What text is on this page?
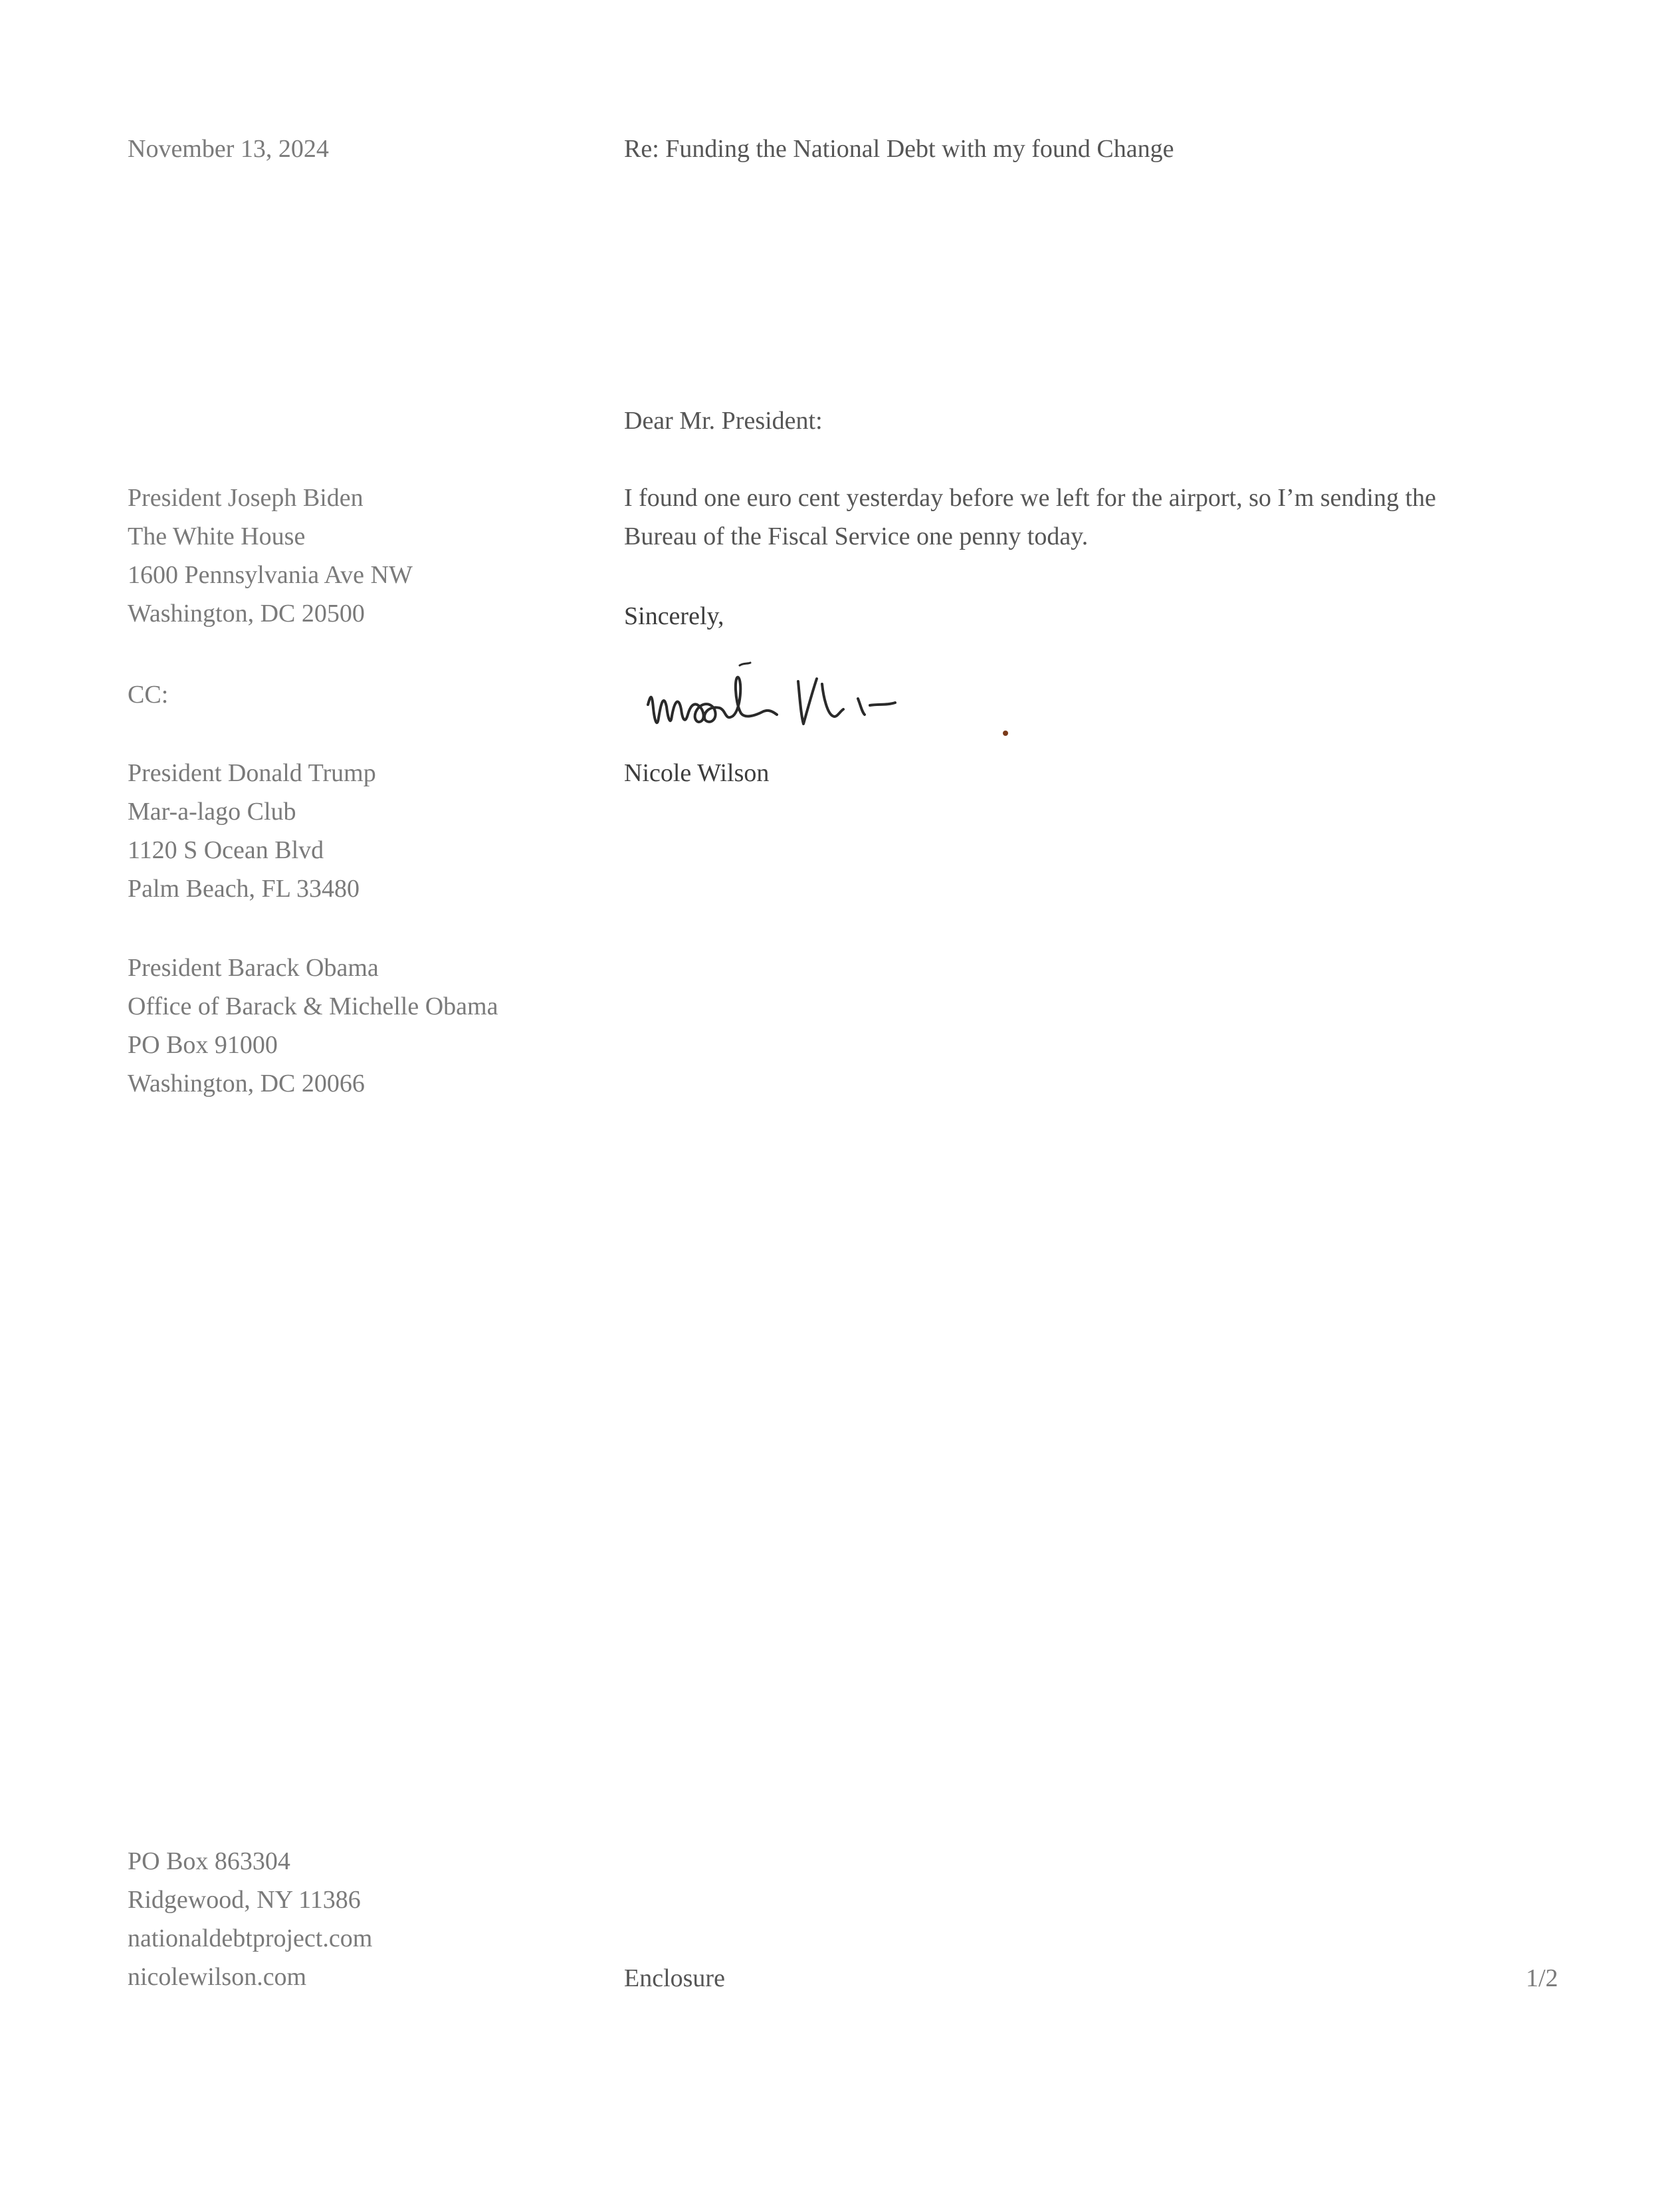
November 13, 2024	Re: Funding the National Debt with my found Change
Dear Mr. President:
President Joseph Biden
The White House
1600 Pennsylvania Ave NW
Washington, DC 20500
I found one euro cent yesterday before we left for the airport, so I’m sending the
Bureau of the Fiscal Service one penny today.
Sincerely,
Nicole Wilson
CC:
President Donald Trump
Mar-a-lago Club
1120 S Ocean Blvd
Palm Beach, FL 33480
President Barack Obama
Office of Barack & Michelle Obama
PO Box 91000
Washington, DC 20066
PO Box 863304
Ridgewood, NY 11386
nationaldebtproject.com
nicolewilson.com	Enclosure	1/2
